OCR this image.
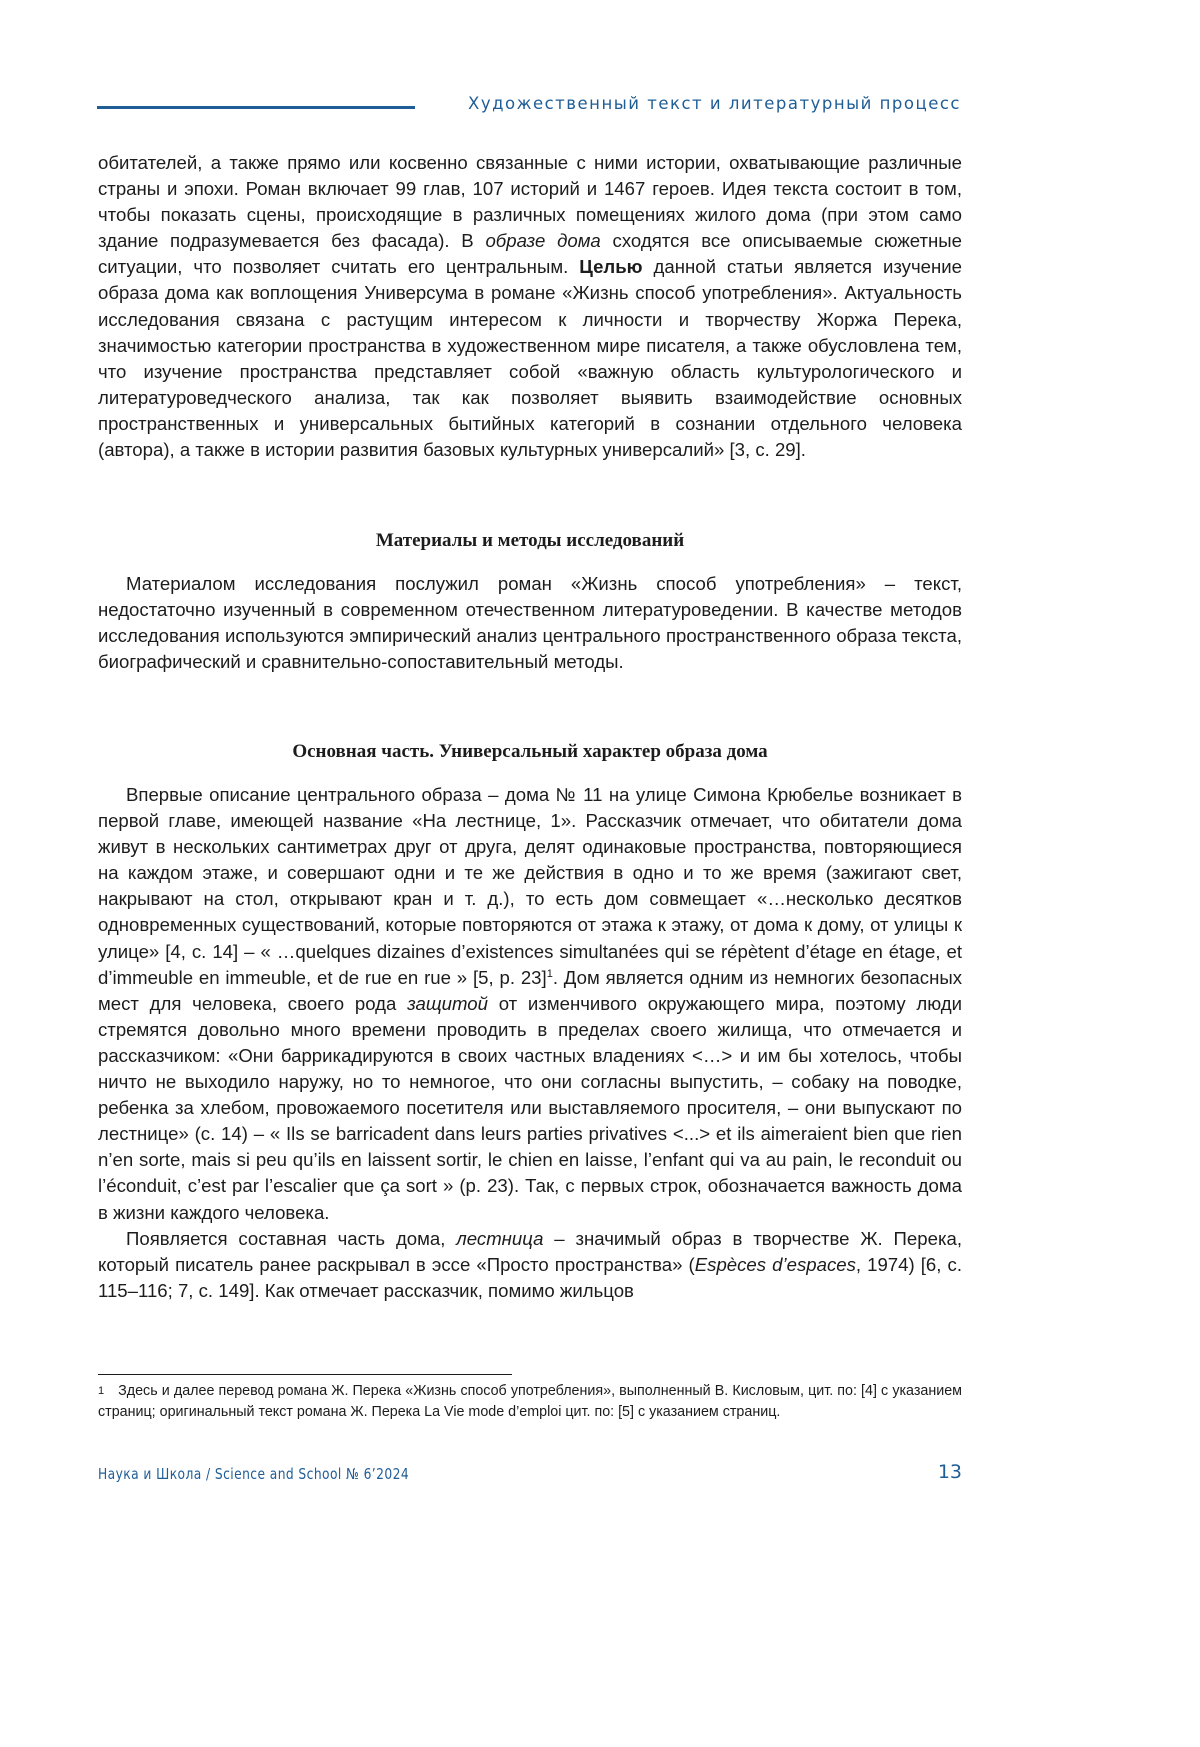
Художественный текст и литературный процесс

обитателей, а также прямо или косвенно связанные с ними истории, охватывающие различные страны и эпохи. Роман включает 99 глав, 107 историй и 1467 героев. Идея текста состоит в том, чтобы показать сцены, происходящие в различных помещениях жилого дома (при этом само здание подразумевается без фасада). В образе дома сходятся все описываемые сюжетные ситуации, что позволяет считать его центральным. Целью данной статьи является изучение образа дома как воплощения Универсума в романе «Жизнь способ употребления». Актуальность исследования связана с растущим интересом к личности и творчеству Жоржа Перека, значимостью категории пространства в художественном мире писателя, а также обусловлена тем, что изучение пространства представляет собой «важную область культурологического и литературоведческого анализа, так как позволяет выявить взаимодействие основных пространственных и универсальных бытийных категорий в сознании отдельного человека (автора), а также в истории развития базовых культурных универсалий» [3, с. 29].

Материалы и методы исследований

Материалом исследования послужил роман «Жизнь способ употребления» – текст, недостаточно изученный в современном отечественном литературоведении. В качестве методов исследования используются эмпирический анализ центрального пространственного образа текста, биографический и сравнительно-сопоставительный методы.

Основная часть. Универсальный характер образа дома

Впервые описание центрального образа – дома № 11 на улице Симона Крюбелье возникает в первой главе, имеющей название «На лестнице, 1». Рассказчик отмечает, что обитатели дома живут в нескольких сантиметрах друг от друга, делят одинаковые пространства, повторяющиеся на каждом этаже, и совершают одни и те же действия в одно и то же время (зажигают свет, накрывают на стол, открывают кран и т. д.), то есть дом совмещает «…несколько десятков одновременных существований, которые повторяются от этажа к этажу, от дома к дому, от улицы к улице» [4, с. 14] – « …quelques dizaines d’existences simultanées qui se répètent d’étage en étage, et d’immeuble en immeuble, et de rue en rue » [5, p. 23]$^1$. Дом является одним из немногих безопасных мест для человека, своего рода защитой от изменчивого окружающего мира, поэтому люди стремятся довольно много времени проводить в пределах своего жилища, что отмечается и рассказчиком: «Они баррикадируются в своих частных владениях <…> и им бы хотелось, чтобы ничто не выходило наружу, но то немногое, что они согласны выпустить, – собаку на поводке, ребенка за хлебом, провожаемого посетителя или выставляемого просителя, – они выпускают по лестнице» (с. 14) – « Ils se barricadent dans leurs parties privatives <...> et ils aimeraient bien que rien n’en sorte, mais si peu qu’ils en laissent sortir, le chien en laisse, l’enfant qui va au pain, le reconduit ou l’éconduit, c’est par l’escalier que ça sort » (p. 23). Так, с первых строк, обозначается важность дома в жизни каждого человека.

Появляется составная часть дома, лестница – значимый образ в творчестве Ж. Перека, который писатель ранее раскрывал в эссе «Просто пространства» (Espèces d’espaces, 1974) [6, с. 115–116; 7, с. 149]. Как отмечает рассказчик, помимо жильцов

$^1$ Здесь и далее перевод романа Ж. Перека «Жизнь способ употребления», выполненный В. Кисловым, цит. по: [4] с указанием страниц; оригинальный текст романа Ж. Перека La Vie mode d’emploi цит. по: [5] с указанием страниц.
Наука и Школа / Science and School № 6’2024	13
